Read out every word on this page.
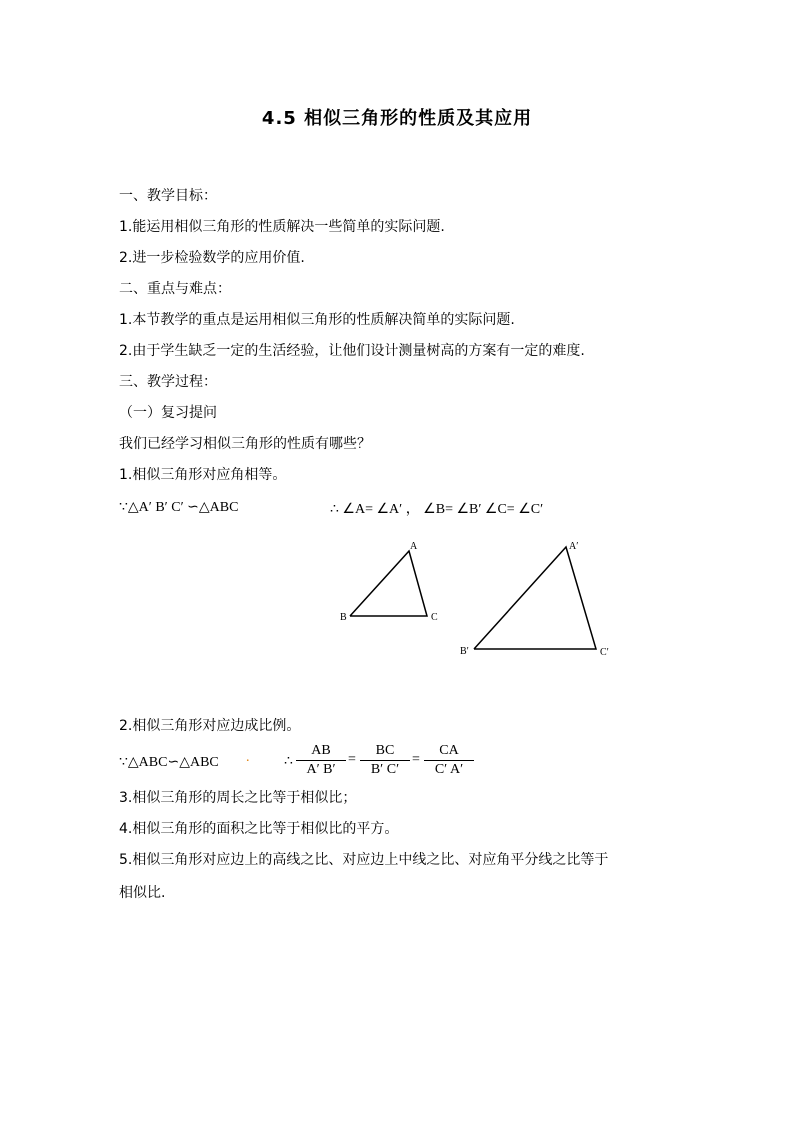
4.5 相似三角形的性质及其应用
一、教学目标：
1.能运用相似三角形的性质解决一些简单的实际问题.
2.进一步检验数学的应用价值.
二、重点与难点：
1.本节教学的重点是运用相似三角形的性质解决简单的实际问题.
2.由于学生缺乏一定的生活经验，让他们设计测量树高的方案有一定的难度.
三、教学过程：
（一）复习提问
我们已经学习相似三角形的性质有哪些？
1.相似三角形对应角相等。
∵△A′ B′ C′ ∽△ABC	∴ ∠A= ∠A′ ， ∠B= ∠B′ ∠C= ∠C′
A
B	C
A′
B′	C′
2.相似三角形对应边成比例。
∵△ABC∽△ABC . ∴ $\frac{AB}{A' B'} = \frac{BC}{B' C'} = \frac{CA}{C' A'}$
3.相似三角形的周长之比等于相似比；
4.相似三角形的面积之比等于相似比的平方。
5.相似三角形对应边上的高线之比、对应边上中线之比、对应角平分线之比等于
相似比.
